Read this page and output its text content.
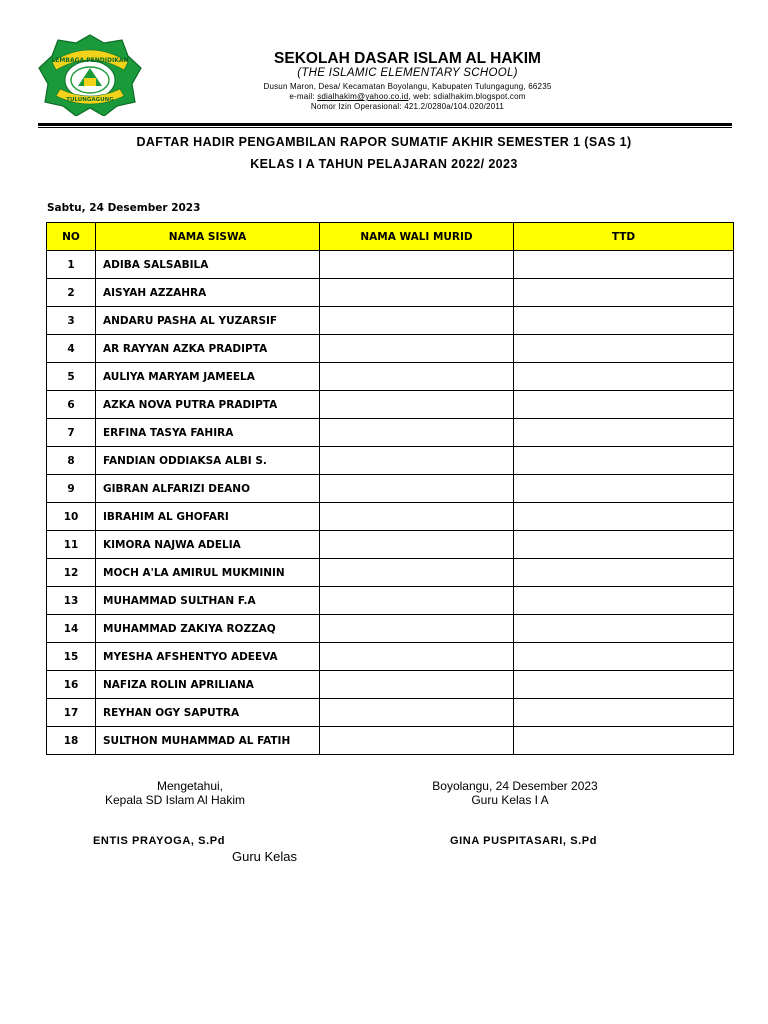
LEMBAGA PENDIDIKAN
TULUNGAGUNG
SEKOLAH DASAR ISLAM AL HAKIM
(THE ISLAMIC ELEMENTARY SCHOOL)
Dusun Maron, Desa/ Kecamatan Boyolangu, Kabupaten Tulungagung, 66235
e-mail: sdialhakim@yahoo.co.id, web: sdialhakim.blogspot.com
Nomor Izin Operasional: 421.2/0280a/104.020/2011
DAFTAR HADIR PENGAMBILAN RAPOR SUMATIF AKHIR SEMESTER 1 (SAS 1)
KELAS I A TAHUN PELAJARAN 2022/ 2023
Sabtu, 24 Desember 2023
NO	NAMA SISWA	NAMA WALI MURID	TTD
1	ADIBA SALSABILA		
2	AISYAH AZZAHRA		
3	ANDARU PASHA AL YUZARSIF		
4	AR RAYYAN AZKA PRADIPTA		
5	AULIYA MARYAM JAMEELA		
6	AZKA NOVA PUTRA PRADIPTA		
7	ERFINA TASYA FAHIRA		
8	FANDIAN ODDIAKSA ALBI S.		
9	GIBRAN ALFARIZI DEANO		
10	IBRAHIM AL GHOFARI		
11	KIMORA NAJWA ADELIA		
12	MOCH A'LA AMIRUL MUKMININ		
13	MUHAMMAD SULTHAN F.A		
14	MUHAMMAD ZAKIYA ROZZAQ		
15	MYESHA AFSHENTYO ADEEVA		
16	NAFIZA ROLIN APRILIANA		
17	REYHAN OGY SAPUTRA		
18	SULTHON MUHAMMAD AL FATIH		
Mengetahui,
Kepala SD Islam Al Hakim
Boyolangu, 24 Desember 2023
Guru Kelas I A
ENTIS PRAYOGA, S.Pd
Guru Kelas
GINA PUSPITASARI, S.Pd
